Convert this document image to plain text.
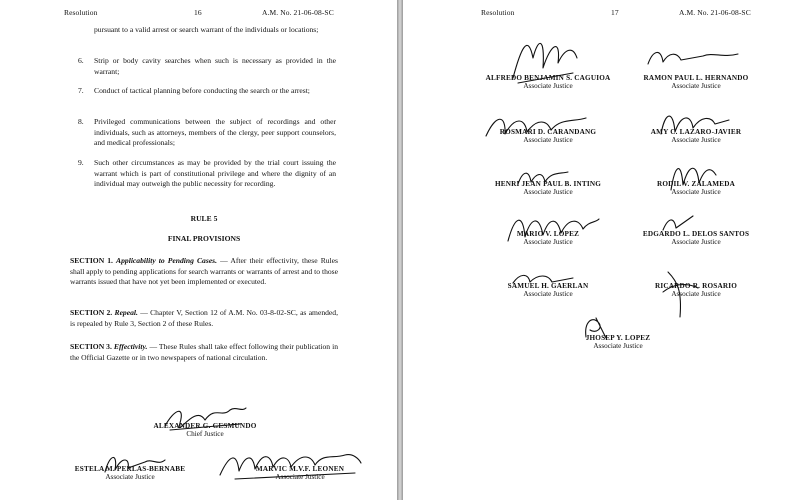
Resolution	16	A.M. No. 21-06-08-SC
pursuant to a valid arrest or search warrant of the individuals or locations;
6. Strip or body cavity searches when such is necessary as provided in the warrant;
7. Conduct of tactical planning before conducting the search or the arrest;
8. Privileged communications between the subject of recordings and other individuals, such as attorneys, members of the clergy, peer support counselors, and medical professionals;
9. Such other circumstances as may be provided by the trial court issuing the warrant which is part of constitutional privilege and where the dignity of an individual may outweigh the public necessity for recording.
RULE 5
FINAL PROVISIONS
SECTION 1. Applicability to Pending Cases. — After their effectivity, these Rules shall apply to pending applications for search warrants or warrants of arrest and to those warrants issued that have not yet been implemented or executed.
SECTION 2. Repeal. — Chapter V, Section 12 of A.M. No. 03-8-02-SC, as amended, is repealed by Rule 3, Section 2 of these Rules.
SECTION 3. Effectivity. — These Rules shall take effect following their publication in the Official Gazette or in two newspapers of national circulation.
ALEXANDER G. GESMUNDO
Chief Justice
ESTELA M. PERLAS-BERNABE
Associate Justice
MARVIC M.V.F. LEONEN
Associate Justice
Resolution	17	A.M. No. 21-06-08-SC
ALFREDO BENJAMIN S. CAGUIOA
Associate Justice
RAMON PAUL L. HERNANDO
Associate Justice
ROSMARI D. CARANDANG
Associate Justice
AMY C. LAZARO-JAVIER
Associate Justice
HENRI JEAN PAUL B. INTING
Associate Justice
RODIL V. ZALAMEDA
Associate Justice
MARIO V. LOPEZ
Associate Justice
EDGARDO L. DELOS SANTOS
Associate Justice
SAMUEL H. GAERLAN
Associate Justice
RICARDO R. ROSARIO
Associate Justice
JHOSEP Y. LOPEZ
Associate Justice
